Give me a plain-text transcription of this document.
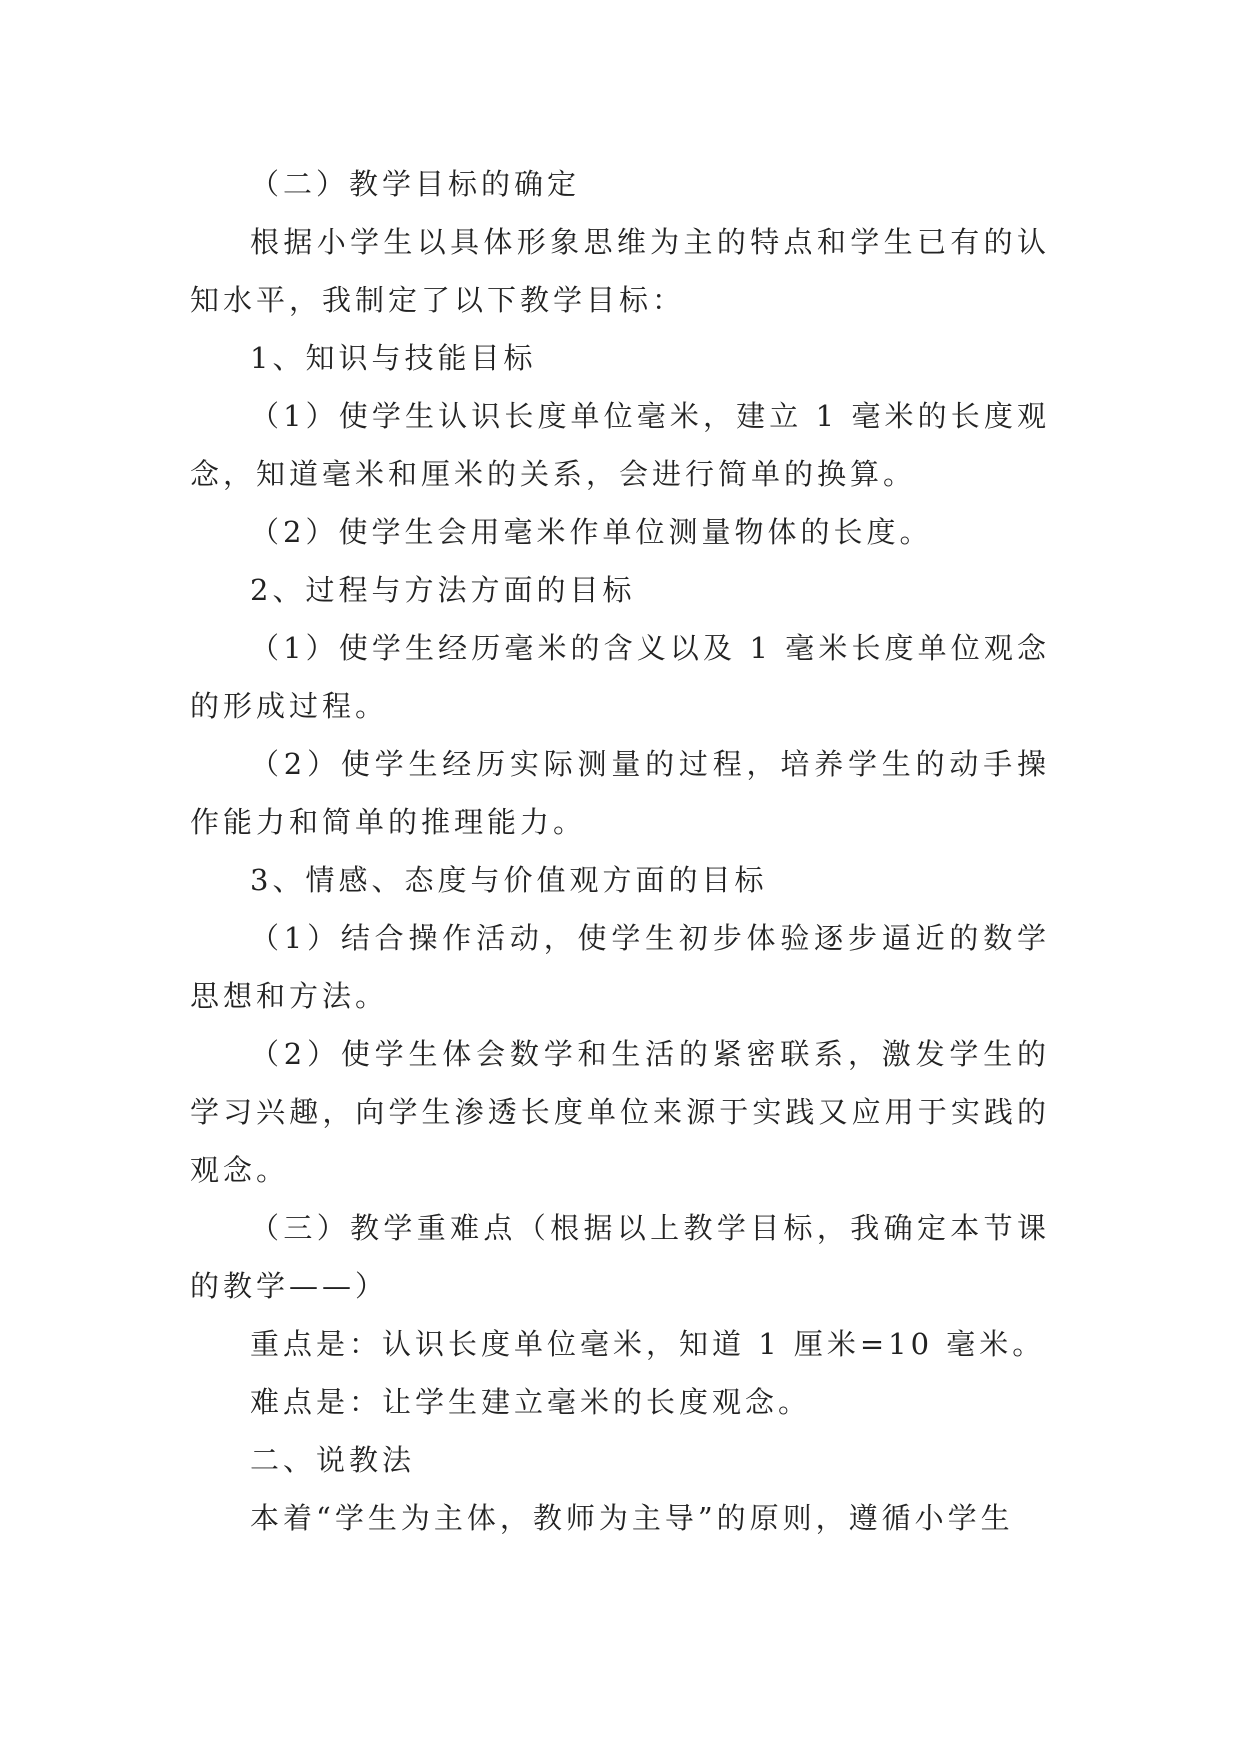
（二）教学目标的确定

根据小学生以具体形象思维为主的特点和学生已有的认知水平，我制定了以下教学目标：

1、知识与技能目标

（1）使学生认识长度单位毫米，建立 1 毫米的长度观念，知道毫米和厘米的关系，会进行简单的换算。

（2）使学生会用毫米作单位测量物体的长度。

2、过程与方法方面的目标

（1）使学生经历毫米的含义以及 1 毫米长度单位观念的形成过程。

（2）使学生经历实际测量的过程，培养学生的动手操作能力和简单的推理能力。

3、情感、态度与价值观方面的目标

（1）结合操作活动，使学生初步体验逐步逼近的数学思想和方法。

（2）使学生体会数学和生活的紧密联系，激发学生的学习兴趣，向学生渗透长度单位来源于实践又应用于实践的观念。

（三）教学重难点（根据以上教学目标，我确定本节课的教学——）

重点是：认识长度单位毫米，知道 1 厘米=10 毫米。

难点是：让学生建立毫米的长度观念。

二、说教法

本着“学生为主体，教师为主导”的原则，遵循小学生
